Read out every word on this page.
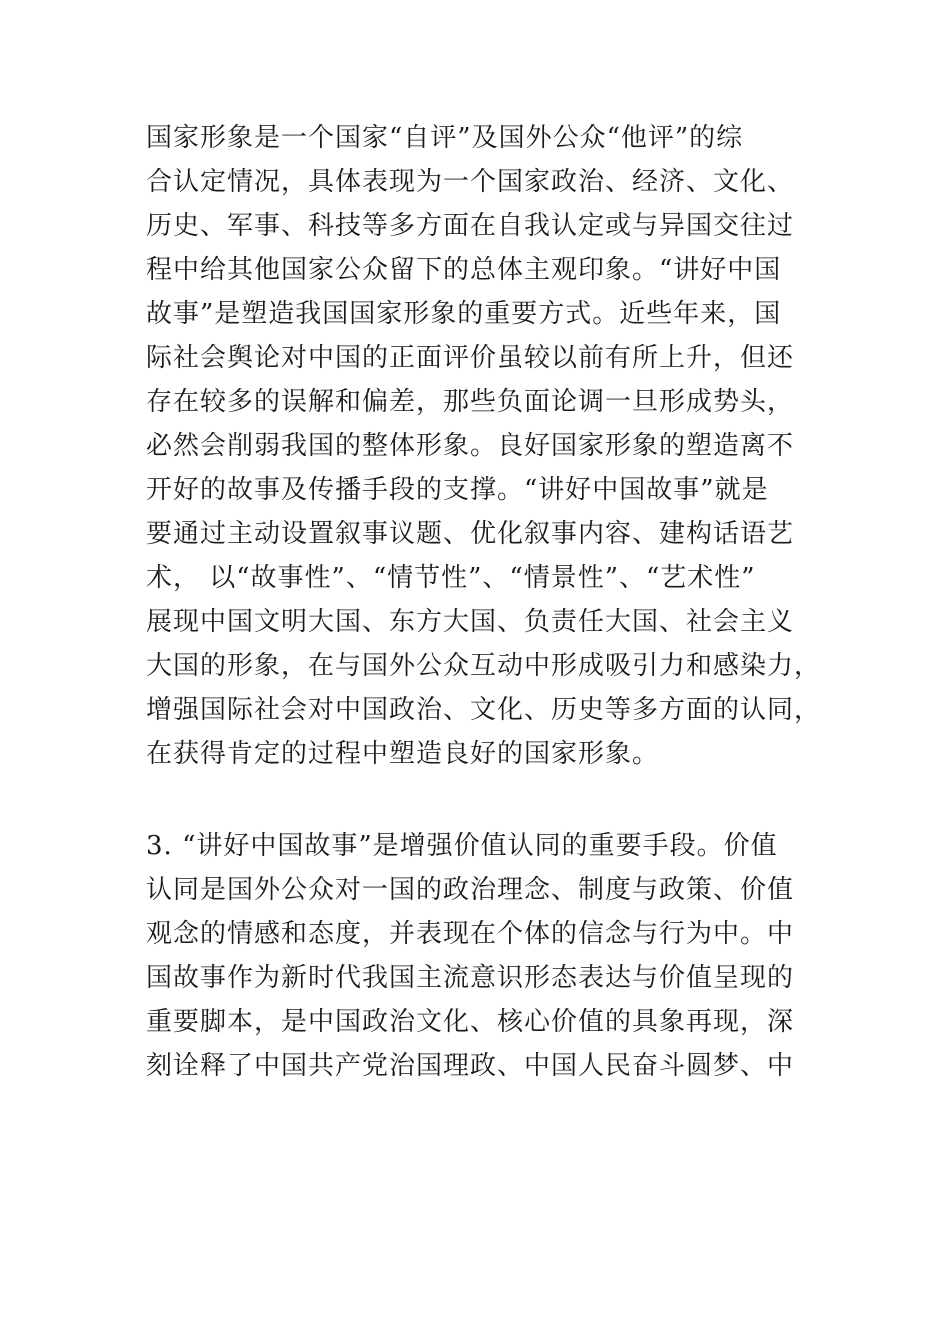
国家形象是一个国家“自评”及国外公众“他评”的综

合认定情况，具体表现为一个国家政治、经济、文化、

历史、军事、科技等多方面在自我认定或与异国交往过

程中给其他国家公众留下的总体主观印象。“讲好中国

故事”是塑造我国国家形象的重要方式。近些年来，国

际社会舆论对中国的正面评价虽较以前有所上升，但还

存在较多的误解和偏差，那些负面论调一旦形成势头，

必然会削弱我国的整体形象。良好国家形象的塑造离不

开好的故事及传播手段的支撑。“讲好中国故事”就是

要通过主动设置叙事议题、优化叙事内容、建构话语艺

术， 以“故事性”、“情节性”、“情景性”、“艺术性”

展现中国文明大国、东方大国、负责任大国、社会主义

大国的形象，在与国外公众互动中形成吸引力和感染力，

增强国际社会对中国政治、文化、历史等多方面的认同，

在获得肯定的过程中塑造良好的国家形象。

3. “讲好中国故事”是增强价值认同的重要手段。价值

认同是国外公众对一国的政治理念、制度与政策、价值

观念的情感和态度，并表现在个体的信念与行为中。中

国故事作为新时代我国主流意识形态表达与价值呈现的

重要脚本，是中国政治文化、核心价值的具象再现，深

刻诠释了中国共产党治国理政、中国人民奋斗圆梦、中
